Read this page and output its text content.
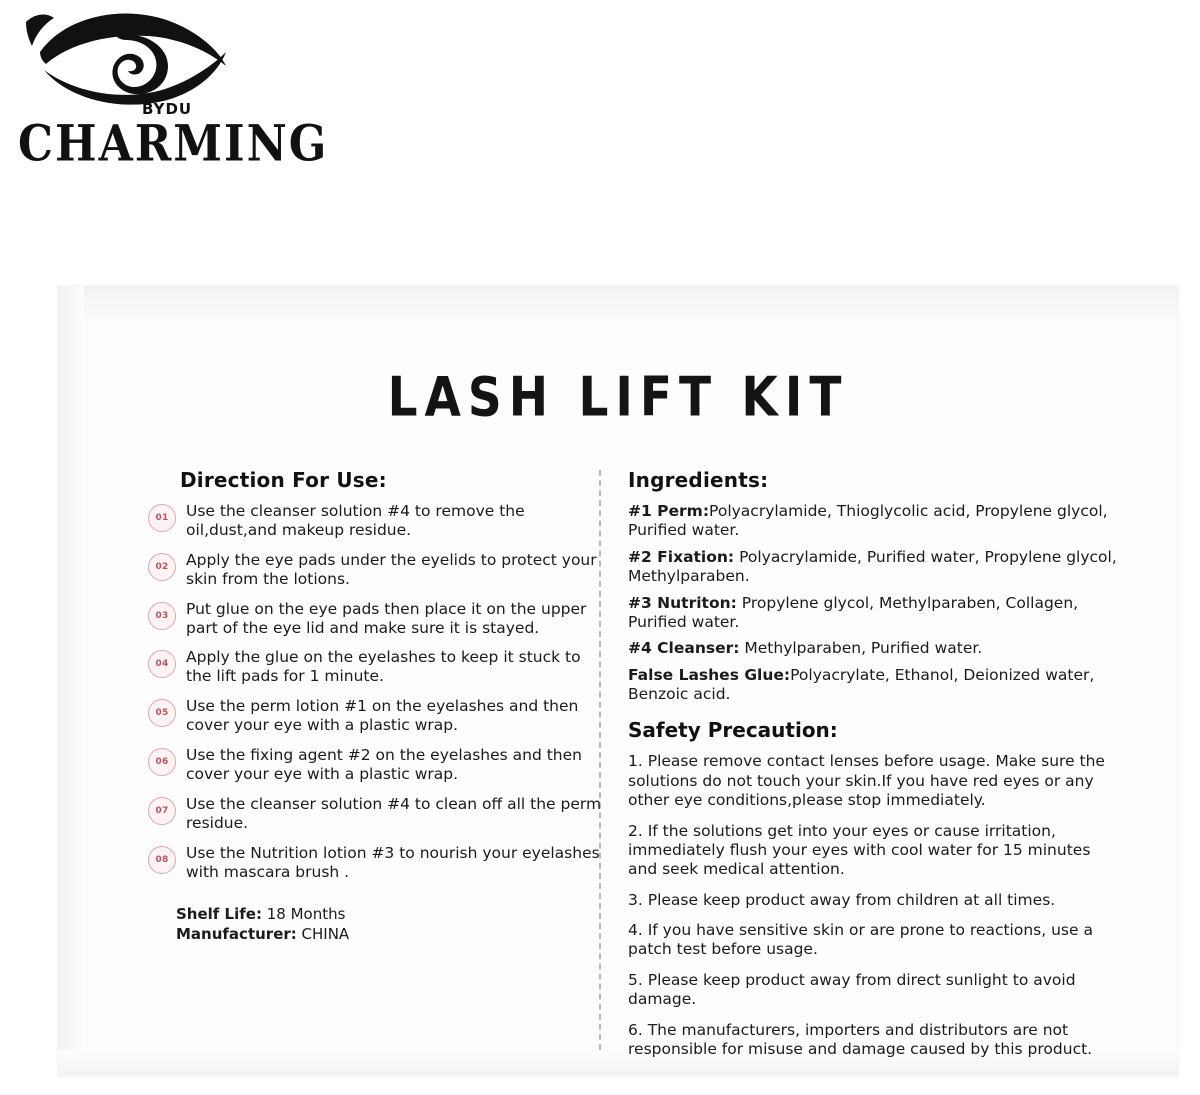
BYDU
CHARMING
LASH LIFT KIT
Direction For Use:
01	Use the cleanser solution #4 to remove the oil,dust,and makeup residue.
02	Apply the eye pads under the eyelids to protect your skin from the lotions.
03	Put glue on the eye pads then place it on the upper part of the eye lid and make sure it is stayed.
04	Apply the glue on the eyelashes to keep it stuck to the lift pads for 1 minute.
05	Use the perm lotion #1 on the eyelashes and then cover your eye with a plastic wrap.
06	Use the fixing agent #2 on the eyelashes and then cover your eye with a plastic wrap.
07	Use the cleanser solution #4 to clean off all the perm residue.
08	Use the Nutrition lotion #3 to nourish your eyelashes with mascara brush .
Shelf Life: 18 Months
Manufacturer: CHINA
Ingredients:

#1 Perm:Polyacrylamide, Thioglycolic acid, Propylene glycol, Purified water.

#2 Fixation: Polyacrylamide, Purified water, Propylene glycol, Methylparaben.

#3 Nutriton: Propylene glycol, Methylparaben, Collagen, Purified water.

#4 Cleanser: Methylparaben, Purified water.

False Lashes Glue:Polyacrylate, Ethanol, Deionized water, Benzoic acid.

Safety Precaution:

1. Please remove contact lenses before usage. Make sure the solutions do not touch your skin.If you have red eyes or any other eye conditions,please stop immediately.

2. If the solutions get into your eyes or cause irritation, immediately flush your eyes with cool water for 15 minutes and seek medical attention.

3. Please keep product away from children at all times.

4. If you have sensitive skin or are prone to reactions, use a patch test before usage.

5. Please keep product away from direct sunlight to avoid damage.

6. The manufacturers, importers and distributors are not responsible for misuse and damage caused by this product.
